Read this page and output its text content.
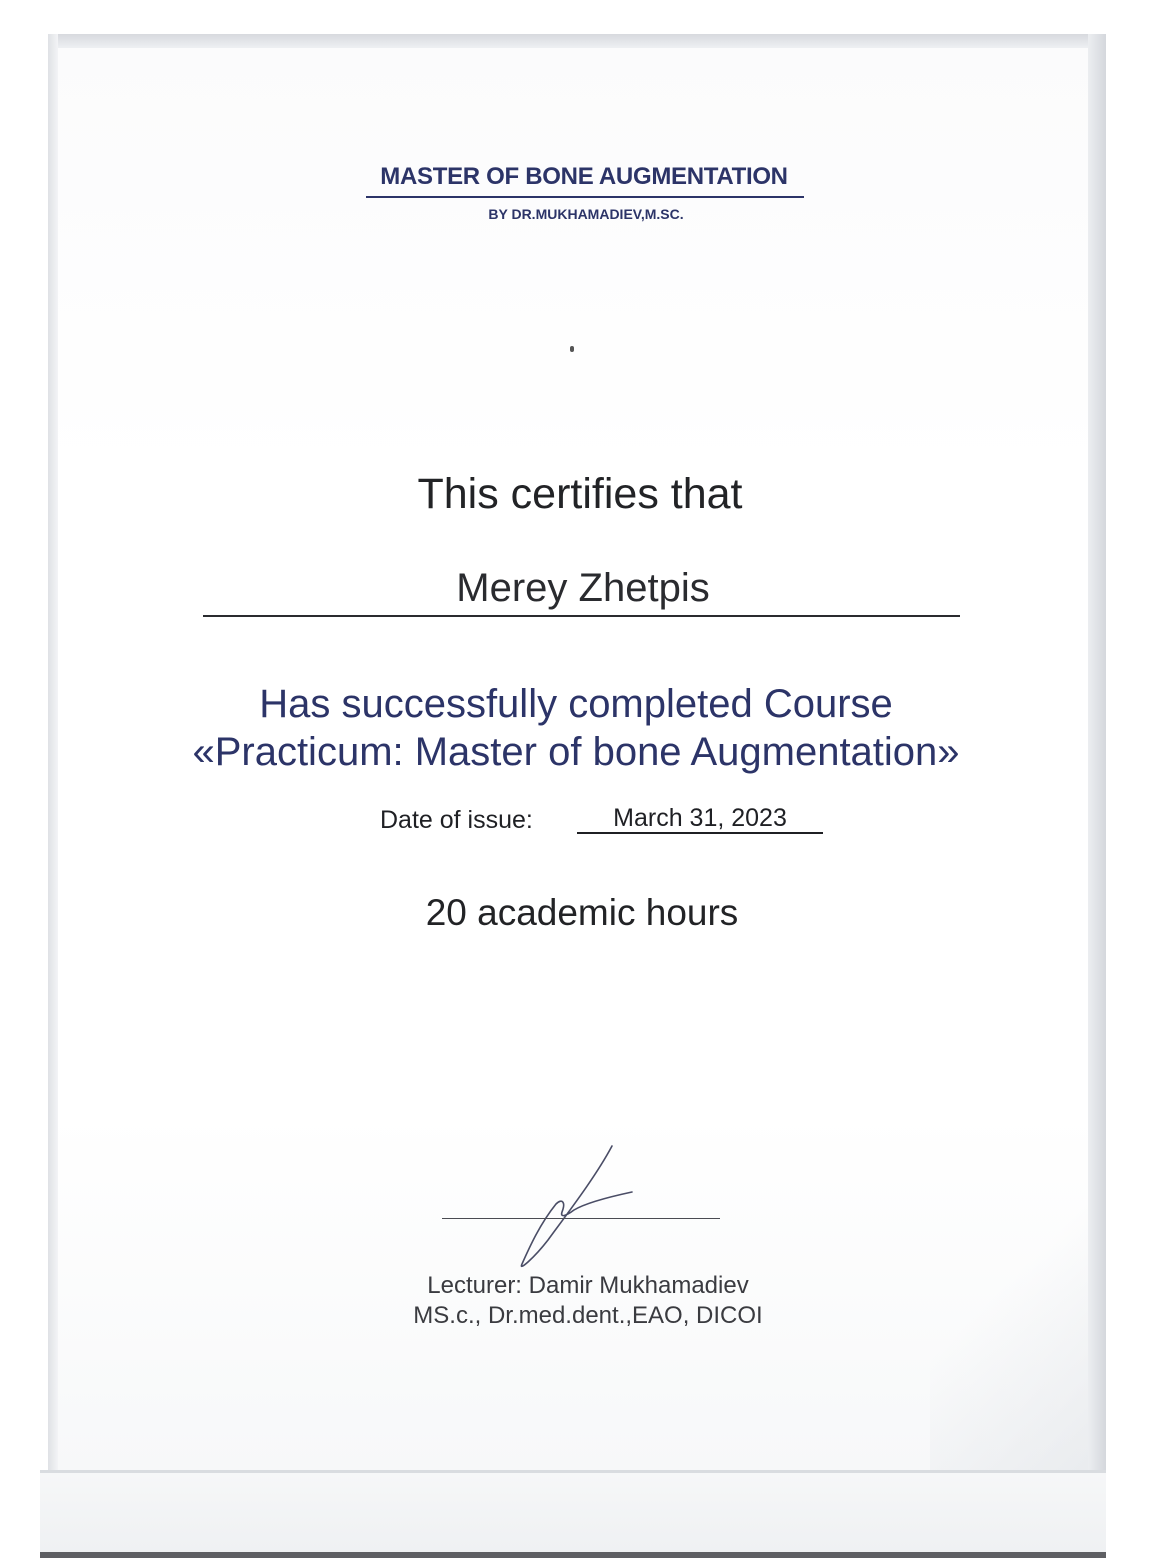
MASTER OF BONE AUGMENTATION
BY DR.MUKHAMADIEV,M.SC.
This certifies that
Merey Zhetpis
Has successfully completed Course
«Practicum: Master of bone Augmentation»
Date of issue:	March 31, 2023
20 academic hours
Lecturer: Damir Mukhamadiev
MS.c., Dr.med.dent.,EAO, DICOI
